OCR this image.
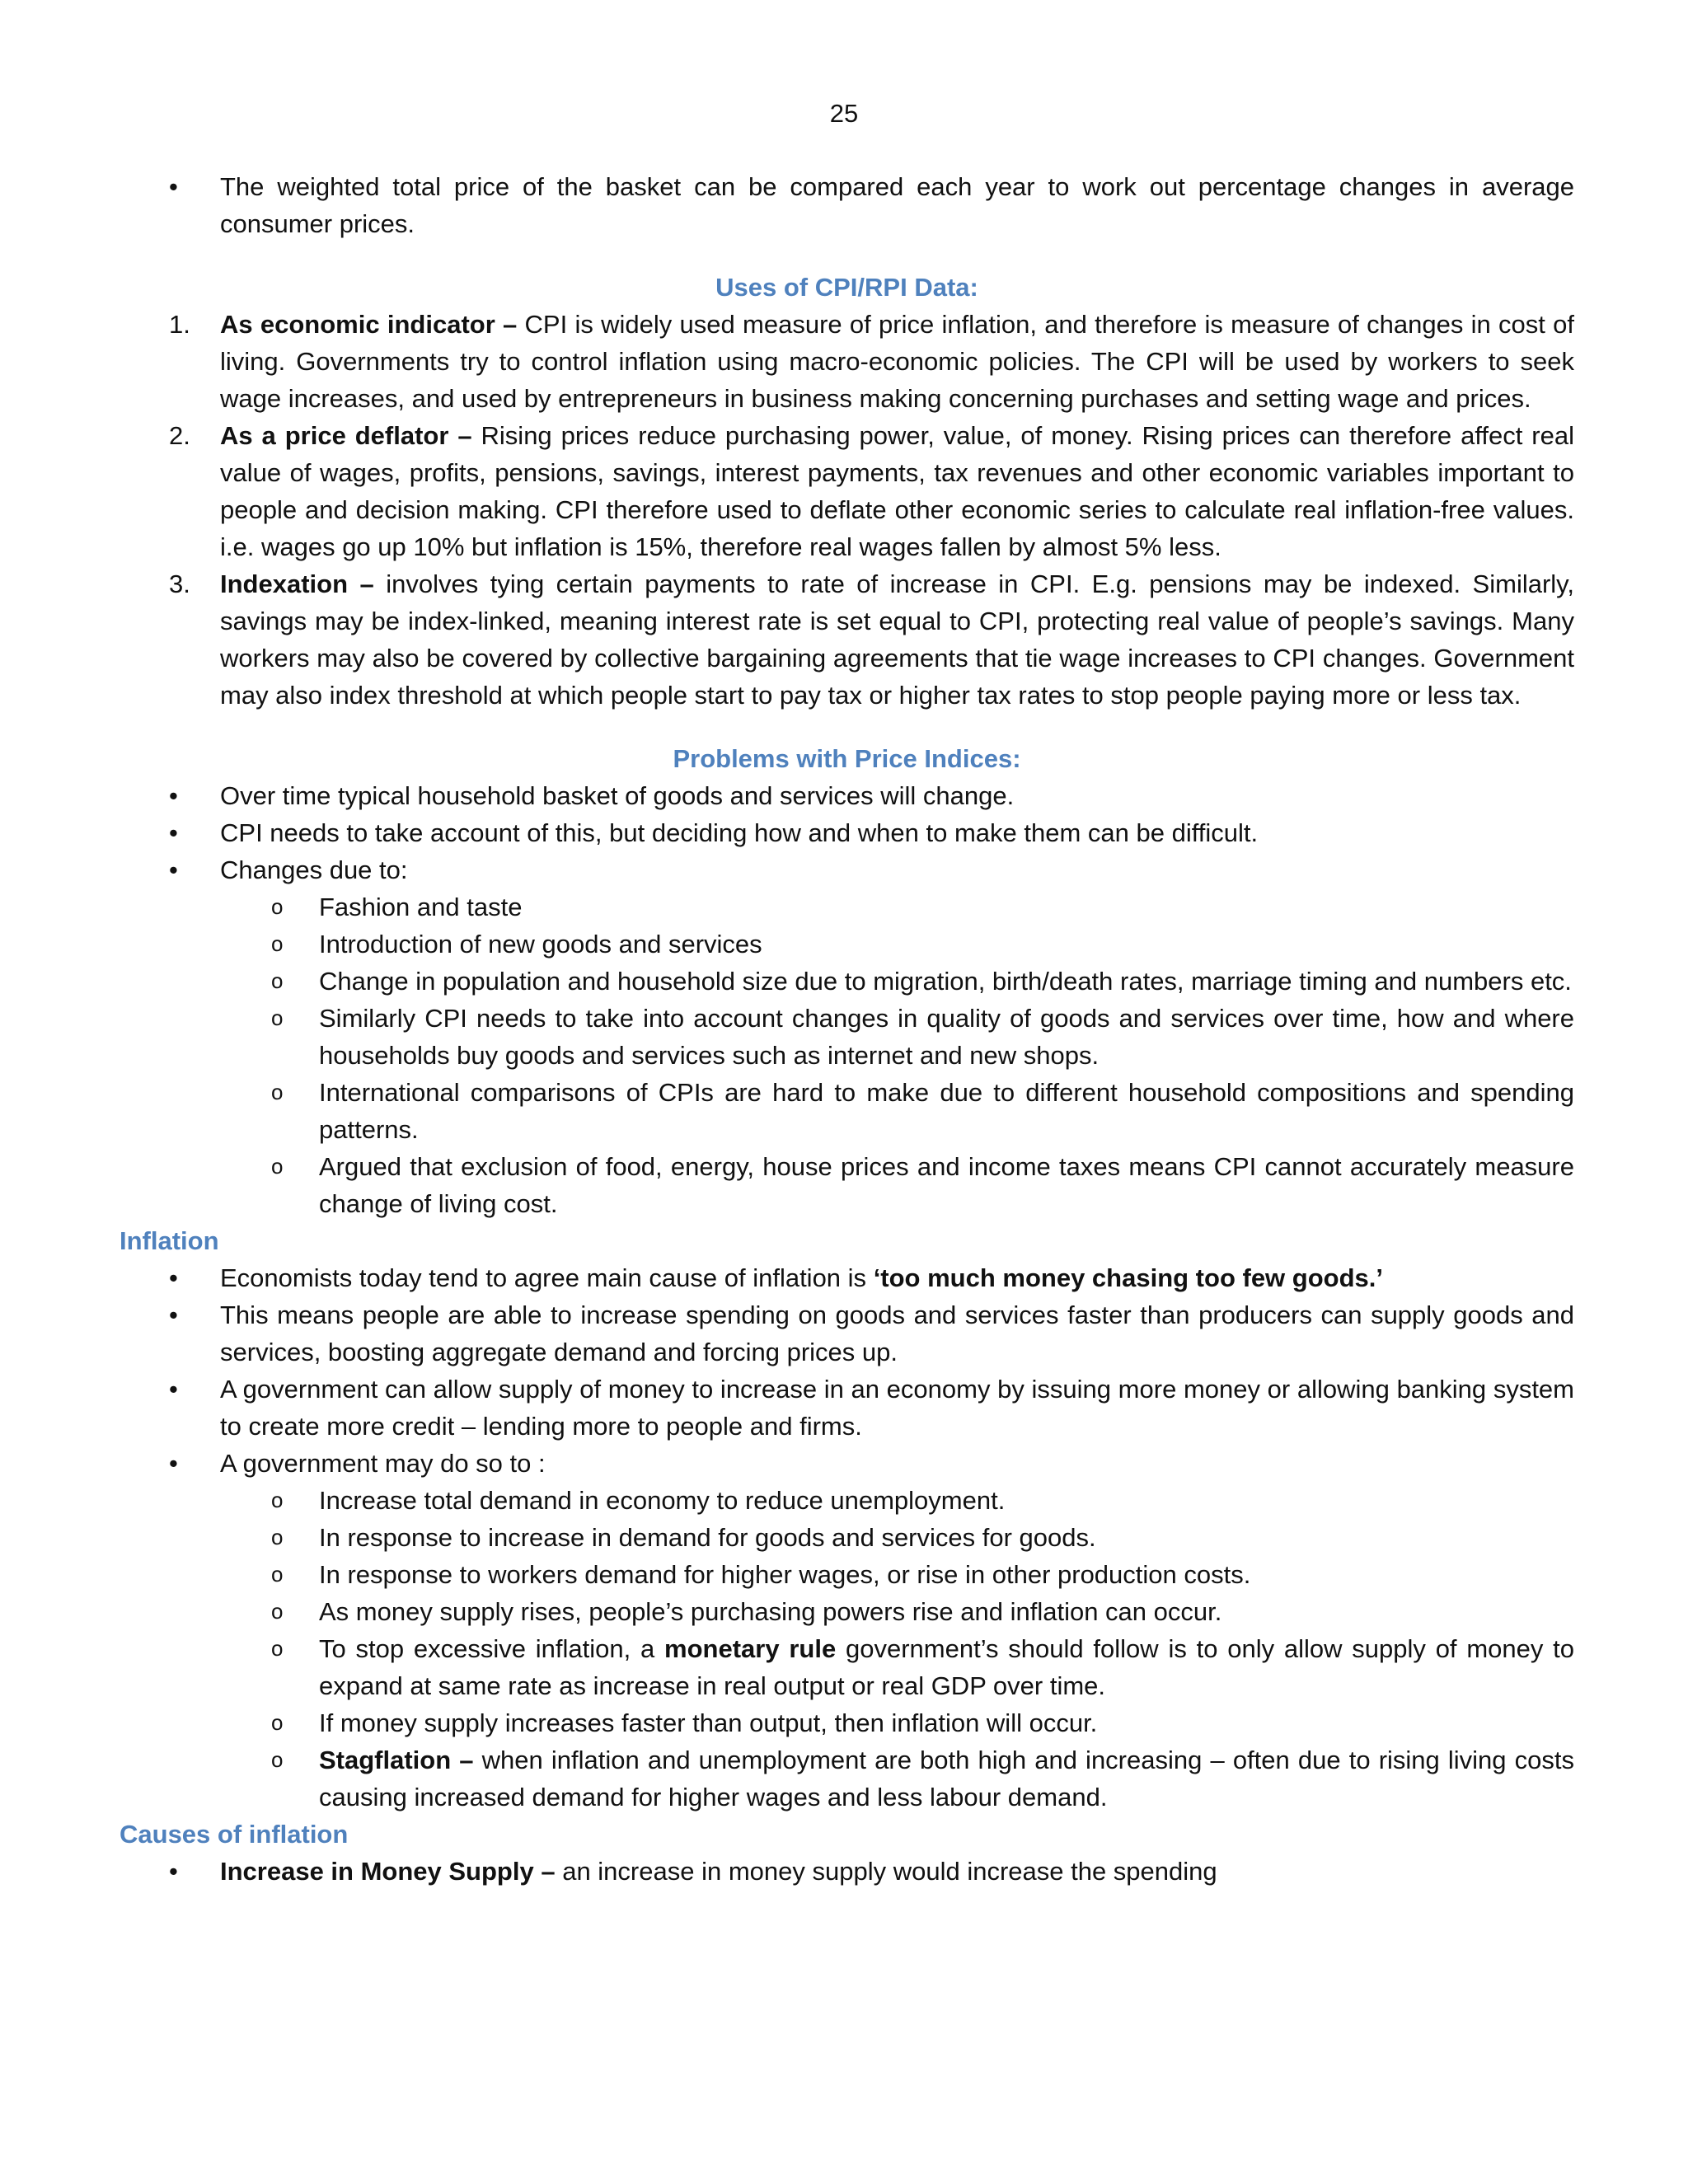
25
• The weighted total price of the basket can be compared each year to work out percentage changes in average consumer prices.
Uses of CPI/RPI Data:
1. As economic indicator – CPI is widely used measure of price inflation, and therefore is measure of changes in cost of living. Governments try to control inflation using macro-economic policies. The CPI will be used by workers to seek wage increases, and used by entrepreneurs in business making concerning purchases and setting wage and prices.
2. As a price deflator – Rising prices reduce purchasing power, value, of money. Rising prices can therefore affect real value of wages, profits, pensions, savings, interest payments, tax revenues and other economic variables important to people and decision making. CPI therefore used to deflate other economic series to calculate real inflation-free values. i.e. wages go up 10% but inflation is 15%, therefore real wages fallen by almost 5% less.
3. Indexation – involves tying certain payments to rate of increase in CPI. E.g. pensions may be indexed. Similarly, savings may be index-linked, meaning interest rate is set equal to CPI, protecting real value of people’s savings. Many workers may also be covered by collective bargaining agreements that tie wage increases to CPI changes. Government may also index threshold at which people start to pay tax or higher tax rates to stop people paying more or less tax.
Problems with Price Indices:
• Over time typical household basket of goods and services will change.
• CPI needs to take account of this, but deciding how and when to make them can be difficult.
• Changes due to:
o Fashion and taste
o Introduction of new goods and services
o Change in population and household size due to migration, birth/death rates, marriage timing and numbers etc.
o Similarly CPI needs to take into account changes in quality of goods and services over time, how and where households buy goods and services such as internet and new shops.
o International comparisons of CPIs are hard to make due to different household compositions and spending patterns.
o Argued that exclusion of food, energy, house prices and income taxes means CPI cannot accurately measure change of living cost.
Inflation
• Economists today tend to agree main cause of inflation is ‘too much money chasing too few goods.’
• This means people are able to increase spending on goods and services faster than producers can supply goods and services, boosting aggregate demand and forcing prices up.
• A government can allow supply of money to increase in an economy by issuing more money or allowing banking system to create more credit – lending more to people and firms.
• A government may do so to :
o Increase total demand in economy to reduce unemployment.
o In response to increase in demand for goods and services for goods.
o In response to workers demand for higher wages, or rise in other production costs.
o As money supply rises, people’s purchasing powers rise and inflation can occur.
o To stop excessive inflation, a monetary rule government’s should follow is to only allow supply of money to expand at same rate as increase in real output or real GDP over time.
o If money supply increases faster than output, then inflation will occur.
o Stagflation – when inflation and unemployment are both high and increasing – often due to rising living costs causing increased demand for higher wages and less labour demand.
Causes of inflation
• Increase in Money Supply – an increase in money supply would increase the spending
